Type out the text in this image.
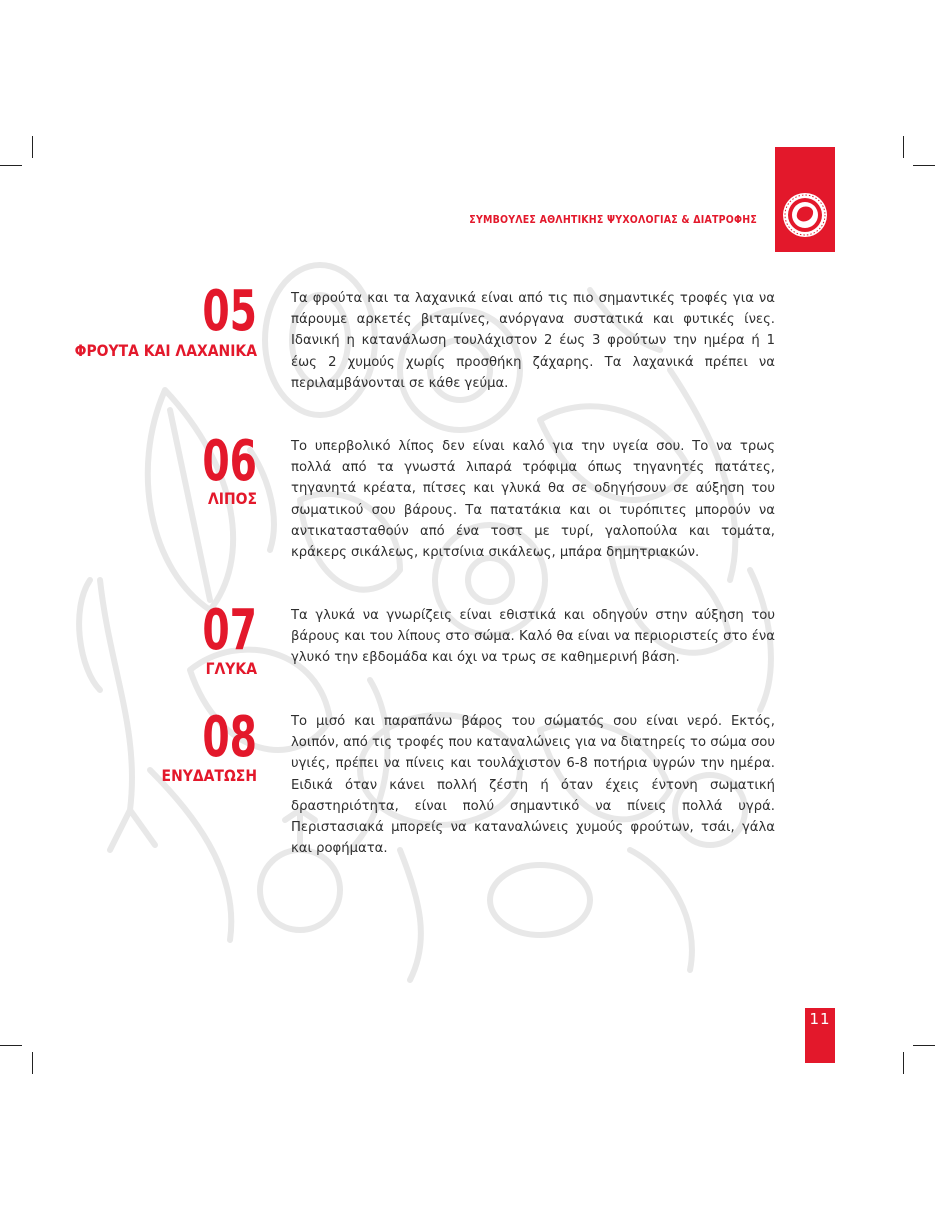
ΣΥΜΒΟΥΛΕΣ ΑΘΛΗΤΙΚΗΣ ΨΥΧΟΛΟΓΙΑΣ & ΔΙΑΤΡΟΦΗΣ
05
ΦΡΟΥΤΑ ΚΑΙ ΛΑΧΑΝΙΚΑ

Τα φρούτα και τα λαχανικά είναι από τις πιο σημαντικές τροφές για να πάρουμε αρκετές βιταμίνες, ανόργανα συστατικά και φυτικές ίνες. Ιδανική η κατανάλωση τουλάχιστον 2 έως 3 φρούτων την ημέρα ή 1 έως 2 χυμούς χωρίς προσθήκη ζάχαρης. Τα λαχανικά πρέπει να περιλαμβάνονται σε κάθε γεύμα.

06
ΛΙΠΟΣ

Το υπερβολικό λίπος δεν είναι καλό για την υγεία σου. Το να τρως πολλά από τα γνωστά λιπαρά τρόφιμα όπως τηγανητές πατάτες, τηγανητά κρέατα, πίτσες και γλυκά θα σε οδηγήσουν σε αύξηση του σωματικού σου βάρους. Τα πατατάκια και οι τυρόπιτες μπορούν να αντικατασταθούν από ένα τοστ με τυρί, γαλοπούλα και τομάτα, κράκερς σικάλεως, κριτσίνια σικάλεως, μπάρα δημητριακών.

07
ΓΛΥΚΑ

Τα γλυκά να γνωρίζεις είναι εθιστικά και οδηγούν στην αύξηση του βάρους και του λίπους στο σώμα. Καλό θα είναι να περιοριστείς στο ένα γλυκό την εβδομάδα και όχι να τρως σε καθημερινή βάση.

08
ΕΝΥΔΑΤΩΣΗ

Το μισό και παραπάνω βάρος του σώματός σου είναι νερό. Εκτός, λοιπόν, από τις τροφές που καταναλώνεις για να διατηρείς το σώμα σου υγιές, πρέπει να πίνεις και τουλάχιστον 6-8 ποτήρια υγρών την ημέρα. Ειδικά όταν κάνει πολλή ζέστη ή όταν έχεις έντονη σωματική δραστηριότητα, είναι πολύ σημαντικό να πίνεις πολλά υγρά. Περιστασιακά μπορείς να καταναλώνεις χυμούς φρούτων, τσάι, γάλα και ροφήματα.

11
